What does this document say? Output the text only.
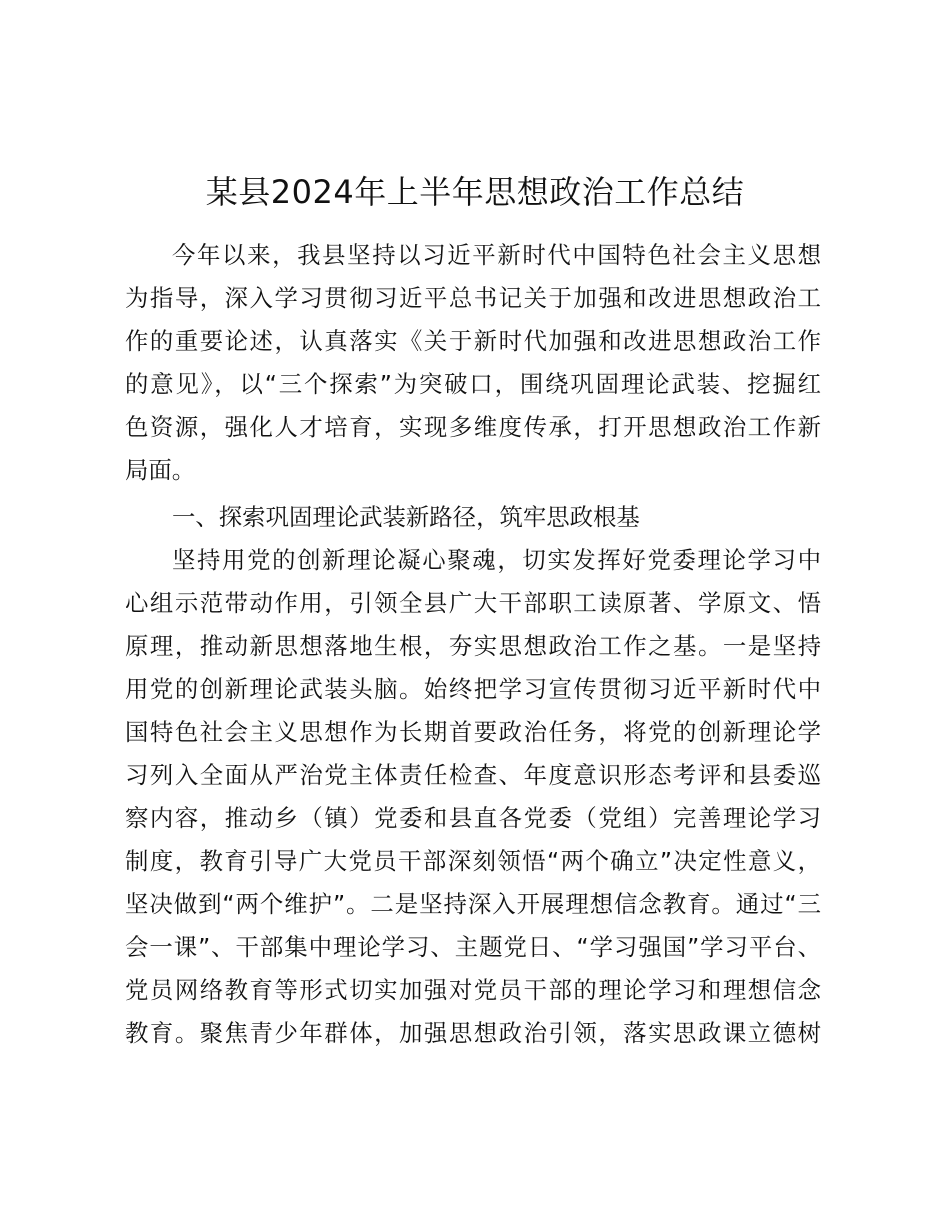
某县2024年上半年思想政治工作总结
今年以来，我县坚持以习近平新时代中国特色社会主义思想
为指导，深入学习贯彻习近平总书记关于加强和改进思想政治工
作的重要论述，认真落实《关于新时代加强和改进思想政治工作
的意见》，以“三个探索”为突破口，围绕巩固理论武装、挖掘红
色资源，强化人才培育，实现多维度传承，打开思想政治工作新
局面。
一、探索巩固理论武装新路径，筑牢思政根基
坚持用党的创新理论凝心聚魂，切实发挥好党委理论学习中
心组示范带动作用，引领全县广大干部职工读原著、学原文、悟
原理，推动新思想落地生根，夯实思想政治工作之基。一是坚持
用党的创新理论武装头脑。始终把学习宣传贯彻习近平新时代中
国特色社会主义思想作为长期首要政治任务，将党的创新理论学
习列入全面从严治党主体责任检查、年度意识形态考评和县委巡
察内容，推动乡（镇）党委和县直各党委（党组）完善理论学习
制度，教育引导广大党员干部深刻领悟“两个确立”决定性意义，
坚决做到“两个维护”。二是坚持深入开展理想信念教育。通过“三
会一课”、干部集中理论学习、主题党日、“学习强国”学习平台、
党员网络教育等形式切实加强对党员干部的理论学习和理想信念
教育。聚焦青少年群体，加强思想政治引领，落实思政课立德树
